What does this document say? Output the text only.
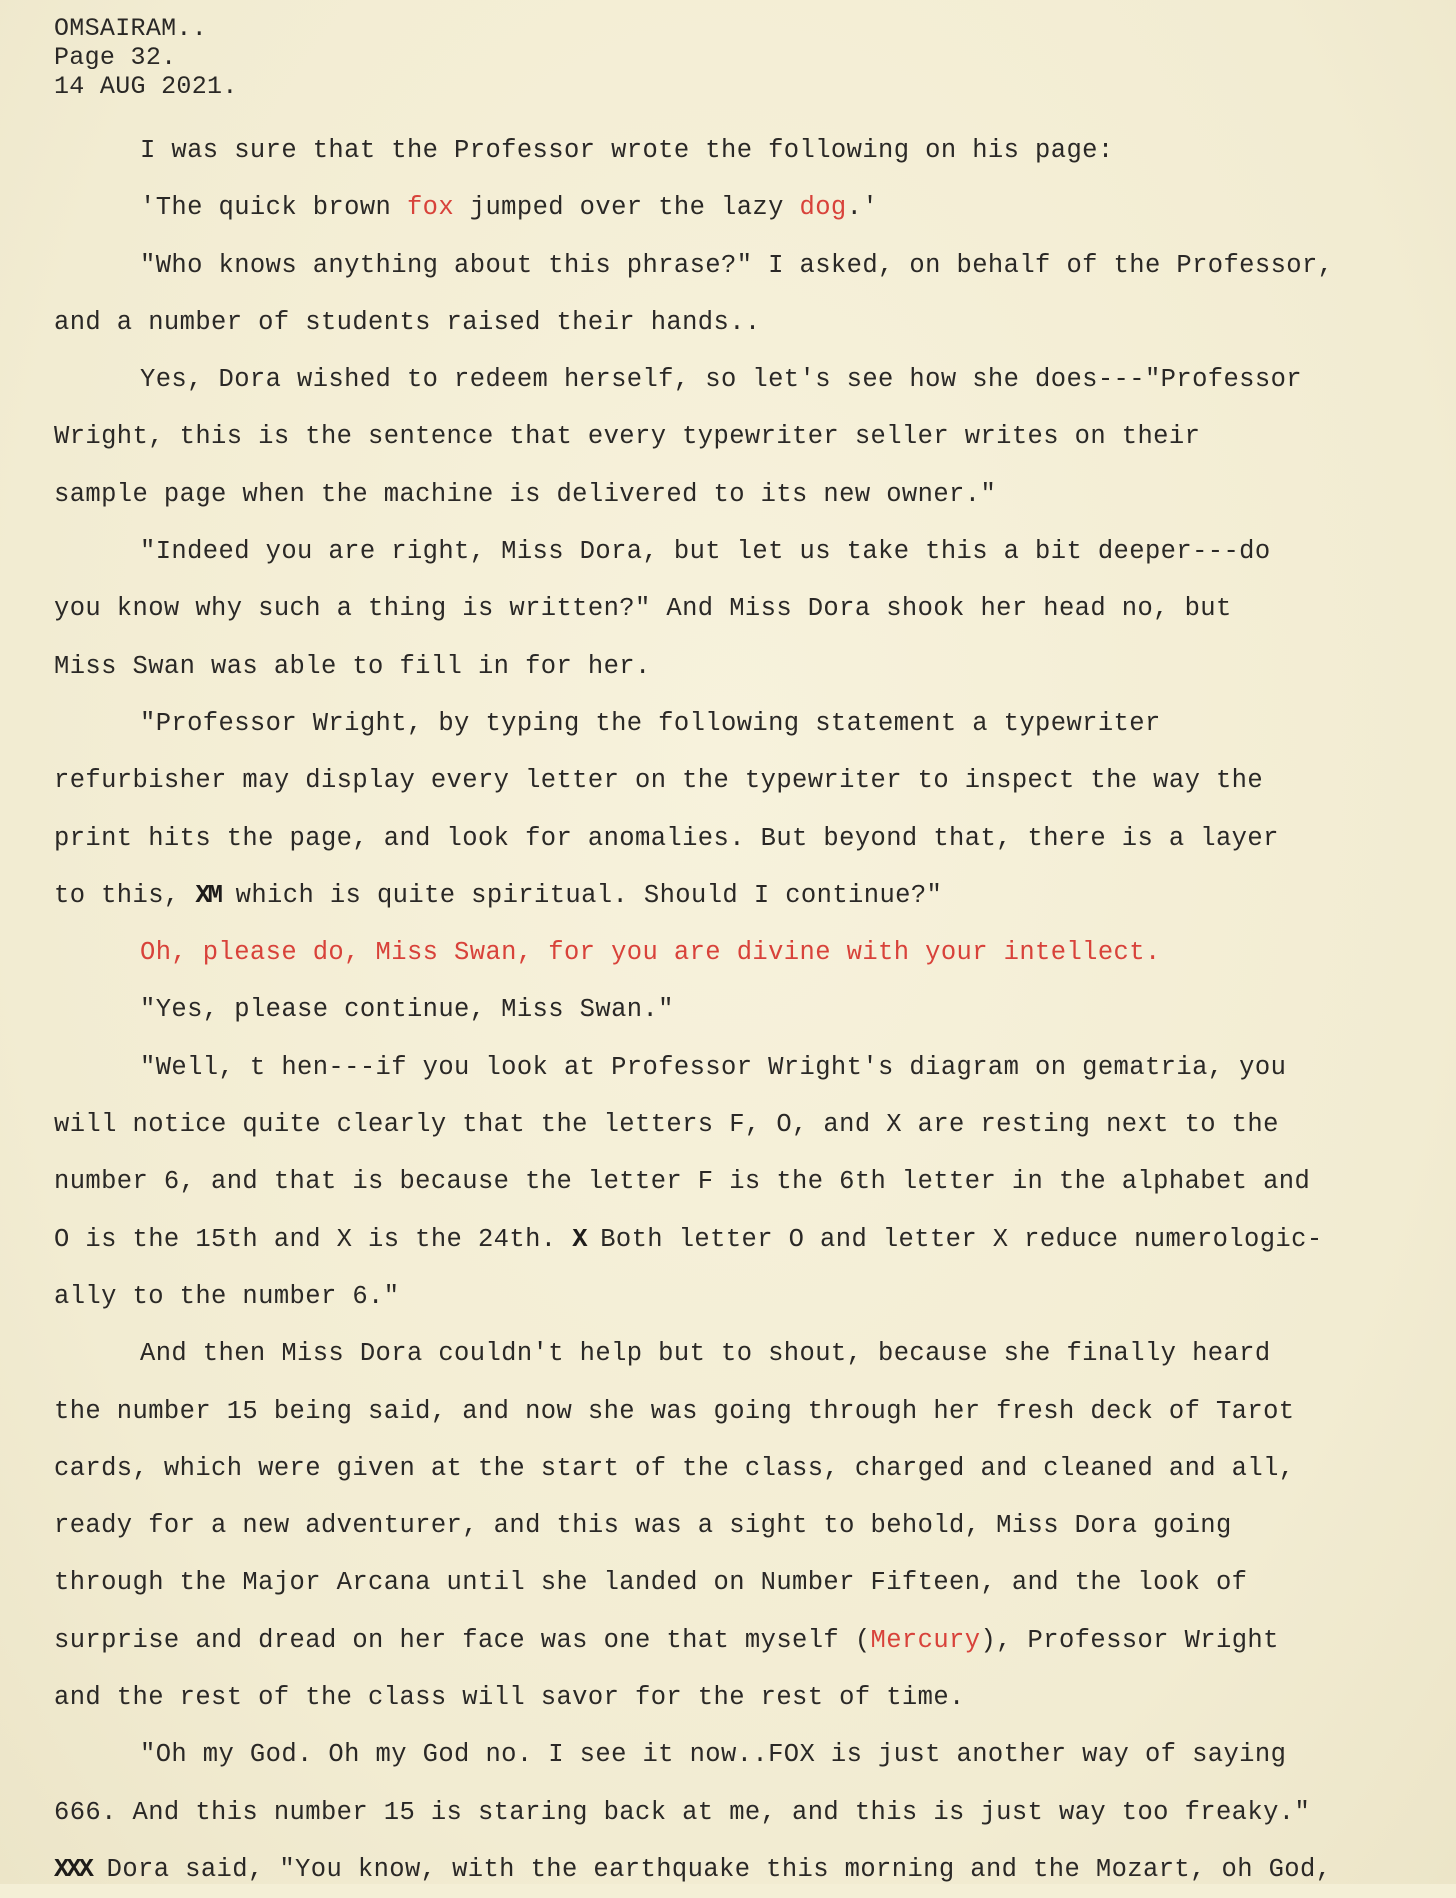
OMSAIRAM..
Page 32.
14 AUG 2021.
I was sure that the Professor wrote the following on his page:
'The quick brown fox jumped over the lazy dog.'
"Who knows anything about this phrase?" I asked, on behalf of the Professor,
and a number of students raised their hands..
Yes, Dora wished to redeem herself, so let's see how she does---"Professor
Wright, this is the sentence that every typewriter seller writes on their
sample page when the machine is delivered to its new owner."
"Indeed you are right, Miss Dora, but let us take this a bit deeper---do
you know why such a thing is written?" And Miss Dora shook her head no, but
Miss Swan was able to fill in for her.
"Professor Wright, by typing the following statement a typewriter
refurbisher may display every letter on the typewriter to inspect the way the
print hits the page, and look for anomalies. But beyond that, there is a layer
to this, XM which is quite spiritual. Should I continue?"
Oh, please do, Miss Swan, for you are divine with your intellect.
"Yes, please continue, Miss Swan."
"Well, t hen---if you look at Professor Wright's diagram on gematria, you
will notice quite clearly that the letters F, O, and X are resting next to the
number 6, and that is because the letter F is the 6th letter in the alphabet and
O is the 15th and X is the 24th. X Both letter O and letter X reduce numerologic-
ally to the number 6."
And then Miss Dora couldn't help but to shout, because she finally heard
the number 15 being said, and now she was going through her fresh deck of Tarot
cards, which were given at the start of the class, charged and cleaned and all,
ready for a new adventurer, and this was a sight to behold, Miss Dora going
through the Major Arcana until she landed on Number Fifteen, and the look of
surprise and dread on her face was one that myself (Mercury), Professor Wright
and the rest of the class will savor for the rest of time.
"Oh my God. Oh my God no. I see it now..FOX is just another way of saying
666. And this number 15 is staring back at me, and this is just way too freaky."
XXX Dora said, "You know, with the earthquake this morning and the Mozart, oh God,
